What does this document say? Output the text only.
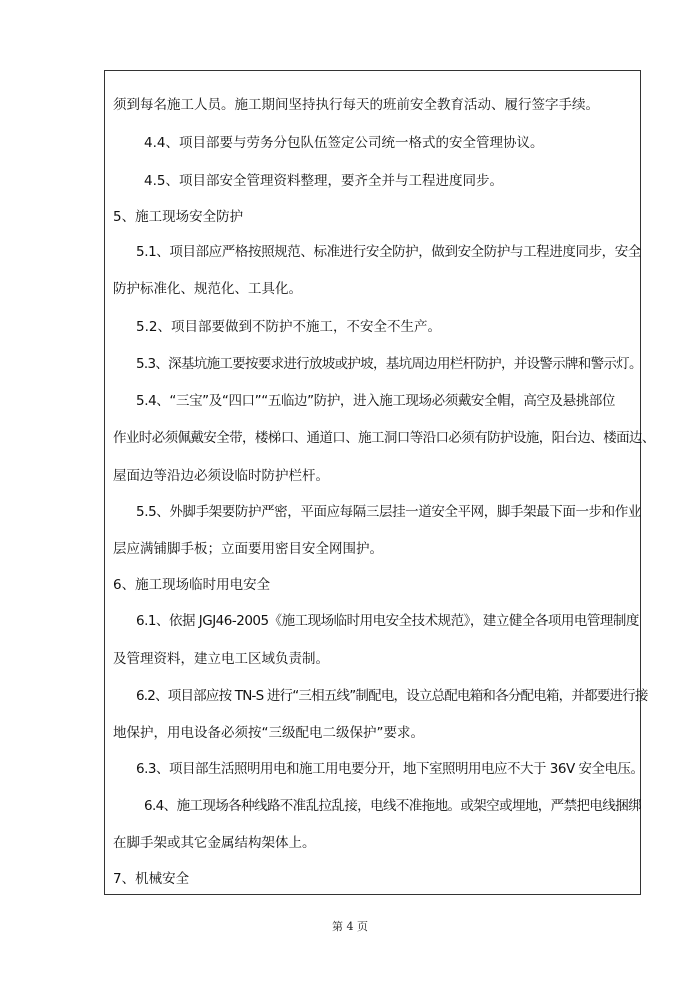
须到每名施工人员。施工期间坚持执行每天的班前安全教育活动、履行签字手续。
4.4、项目部要与劳务分包队伍签定公司统一格式的安全管理协议。
4.5、项目部安全管理资料整理，要齐全并与工程进度同步。
5、施工现场安全防护
5.1、项目部应严格按照规范、标准进行安全防护，做到安全防护与工程进度同步，安全
防护标准化、规范化、工具化。
5.2、项目部要做到不防护不施工，不安全不生产。
5.3、深基坑施工要按要求进行放坡或护坡，基坑周边用栏杆防护，并设警示牌和警示灯。
5.4、“三宝”及“四口”“五临边”防护，进入施工现场必须戴安全帽，高空及悬挑部位
作业时必须佩戴安全带，楼梯口、通道口、施工洞口等沿口必须有防护设施，阳台边、楼面边、
屋面边等沿边必须设临时防护栏杆。
5.5、外脚手架要防护严密，平面应每隔三层挂一道安全平网，脚手架最下面一步和作业
层应满铺脚手板；立面要用密目安全网围护。
6、施工现场临时用电安全
6.1、依据 JGJ46-2005《施工现场临时用电安全技术规范》，建立健全各项用电管理制度
及管理资料，建立电工区域负责制。
6.2、项目部应按 TN-S 进行“三相五线”制配电，设立总配电箱和各分配电箱，并都要进行接
地保护，用电设备必须按“三级配电二级保护”要求。
6.3、项目部生活照明用电和施工用电要分开，地下室照明用电应不大于 36V 安全电压。
6.4、施工现场各种线路不准乱拉乱接，电线不准拖地。或架空或埋地，严禁把电线捆绑
在脚手架或其它金属结构架体上。
7、机械安全
第 4 页
